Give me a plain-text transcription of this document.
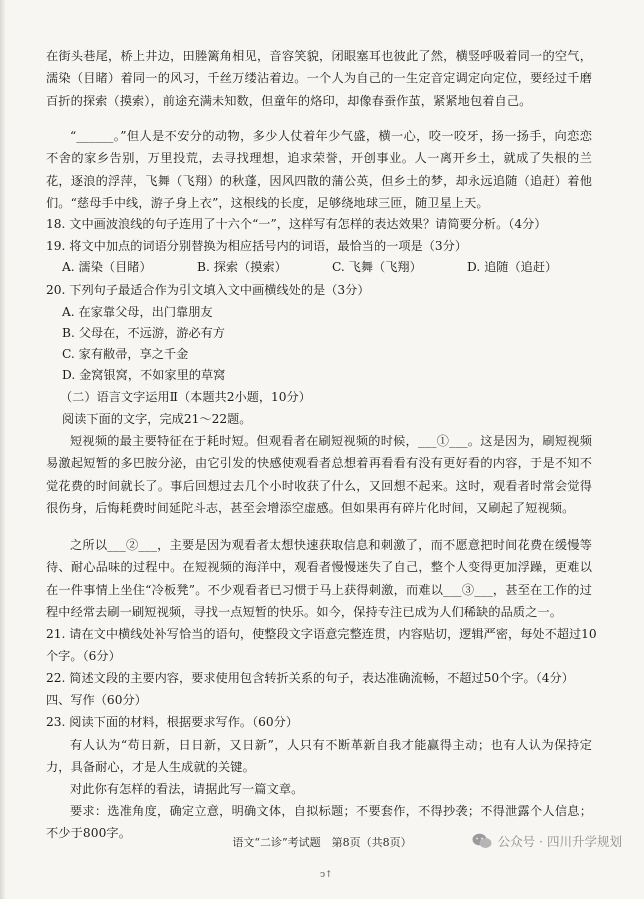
在街头巷尾，桥上井边，田塍篱角相见，音容笑貌，闭眼塞耳也彼此了然，横竖呼吸着同一的空气，濡染（目睹）着同一的风习，千丝万缕沾着边。一个人为自己的一生定音定调定向定位，要经过千磨百折的探索（摸索），前途充满未知数，但童年的烙印，却像春蚕作茧，紧紧地包着自己。

“______。”但人是不安分的动物，多少人仗着年少气盛，横一心，咬一咬牙，扬一扬手，向恋恋不舍的家乡告别，万里投荒，去寻找理想，追求荣誉，开创事业。人一离开乡土，就成了失根的兰花，逐浪的浮萍，飞舞（飞翔）的秋蓬，因风四散的蒲公英，但乡土的梦，却永远追随（追赶）着他们。“慈母手中线，游子身上衣”，这根线的长度，足够绕地球三匝，随卫星上天。

18. 文中画波浪线的句子连用了十六个“一”，这样写有怎样的表达效果？请简要分析。（4分）

19. 将文中加点的词语分别替换为相应括号内的词语，最恰当的一项是（3分）

A. 濡染（目睹）	B. 探索（摸索）	C. 飞舞（飞翔）	D. 追随（追赶）

20. 下列句子最适合作为引文填入文中画横线处的是（3分）

A. 在家靠父母，出门靠朋友

B. 父母在，不远游，游必有方

C. 家有敝帚，享之千金

D. 金窝银窝，不如家里的草窝

（二）语言文字运用Ⅱ（本题共2小题，10分）

阅读下面的文字，完成21～22题。

短视频的最主要特征在于耗时短。但观看者在刷短视频的时候，___①___。这是因为，刷短视频易激起短暂的多巴胺分泌，由它引发的快感使观看者总想着再看看有没有更好看的内容，于是不知不觉花费的时间就长了。事后回想过去几个小时收获了什么，又回想不起来。这时，观看者时常会觉得很伤身，后悔耗费时间延陀斗志，甚至会增添空虚感。但如果再有碎片化时间，又刷起了短视频。

之所以___②___，主要是因为观看者太想快速获取信息和刺激了，而不愿意把时间花费在缓慢等待、耐心品味的过程中。在短视频的海洋中，观看者慢慢迷失了自己，整个人变得更加浮躁，更难以在一件事情上坐住“冷板凳”。不少观看者已习惯于马上获得刺激，而难以___③___，甚至在工作的过程中经常去刷一刷短视频，寻找一点短暂的快乐。如今，保持专注已成为人们稀缺的品质之一。

21. 请在文中横线处补写恰当的语句，使整段文字语意完整连贯，内容贴切，逻辑严密，每处不超过10个字。（6分）

22. 简述文段的主要内容，要求使用包含转折关系的句子，表达准确流畅，不超过50个字。（4分）

四、写作（60分）

23. 阅读下面的材料，根据要求写作。（60分）

有人认为“苟日新，日日新，又日新”，人只有不断革新自我才能赢得主动；也有人认为保持定力，具备耐心，才是人生成就的关键。

对此你有怎样的看法，请据此写一篇文章。

要求：选准角度，确定立意，明确文体，自拟标题；不要套作，不得抄袭；不得泄露个人信息；不少于800字。

语文“二诊”考试题　第8页（共8页）
ↄ↑
公众号 · 四川升学规划
